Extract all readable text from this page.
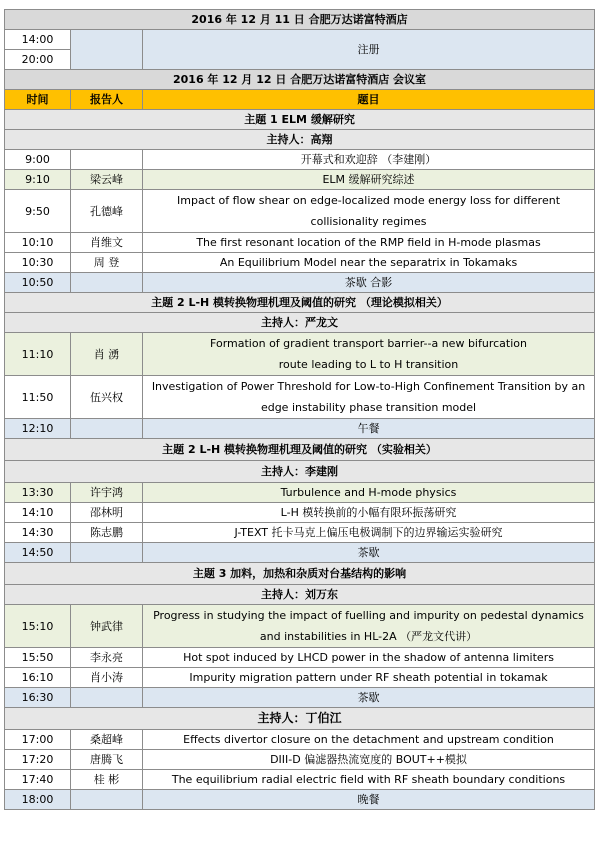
2016 年 12 月 11 日 合肥万达诺富特酒店		
14:00		注册
20:00		
2016 年 12 月 12 日 合肥万达诺富特酒店 会议室		
时间	报告人	题目
主题 1 ELM 缓解研究		
主持人：高翔		
9:00		开幕式和欢迎辞 （李建刚）
9:10	梁云峰	ELM 缓解研究综述
9:50	孔德峰	Impact of flow shear on edge-localized mode energy loss for different collisionality regimes
10:10	肖维文	The first resonant location of the RMP field in H-mode plasmas
10:30	周 登	An Equilibrium Model near the separatrix in Tokamaks
10:50		茶歇 合影
主题 2 L-H 模转换物理机理及阈值的研究 （理论模拟相关）		
主持人：严龙文		
11:10	肖 湧	Formation of gradient transport barrier--a new bifurcation route leading to L to H transition
11:50	伍兴权	Investigation of Power Threshold for Low-to-High Confinement Transition by an edge instability phase transition model
12:10		午餐
主题 2 L-H 模转换物理机理及阈值的研究 （实验相关）		
主持人：李建刚		
13:30	许宇鸿	Turbulence and H-mode physics
14:10	邵林明	L-H 模转换前的小幅有限环振荡研究
14:30	陈志鹏	J-TEXT 托卡马克上偏压电极调制下的边界输运实验研究
14:50		茶歇
主题 3 加料，加热和杂质对台基结构的影响		
主持人：刘万东		
15:10	钟武律	Progress in studying the impact of fuelling and impurity on pedestal dynamics and instabilities in HL-2A （严龙文代讲）
15:50	李永亮	Hot spot induced by LHCD power in the shadow of antenna limiters
16:10	肖小涛	Impurity migration pattern under RF sheath potential in tokamak
16:30		茶歇
主持人：丁伯江		
17:00	桑超峰	Effects divertor closure on the detachment and upstream condition
17:20	唐腾飞	DIII-D 偏滤器热流宽度的 BOUT++模拟
17:40	桂 彬	The equilibrium radial electric field with RF sheath boundary conditions
18:00		晚餐
